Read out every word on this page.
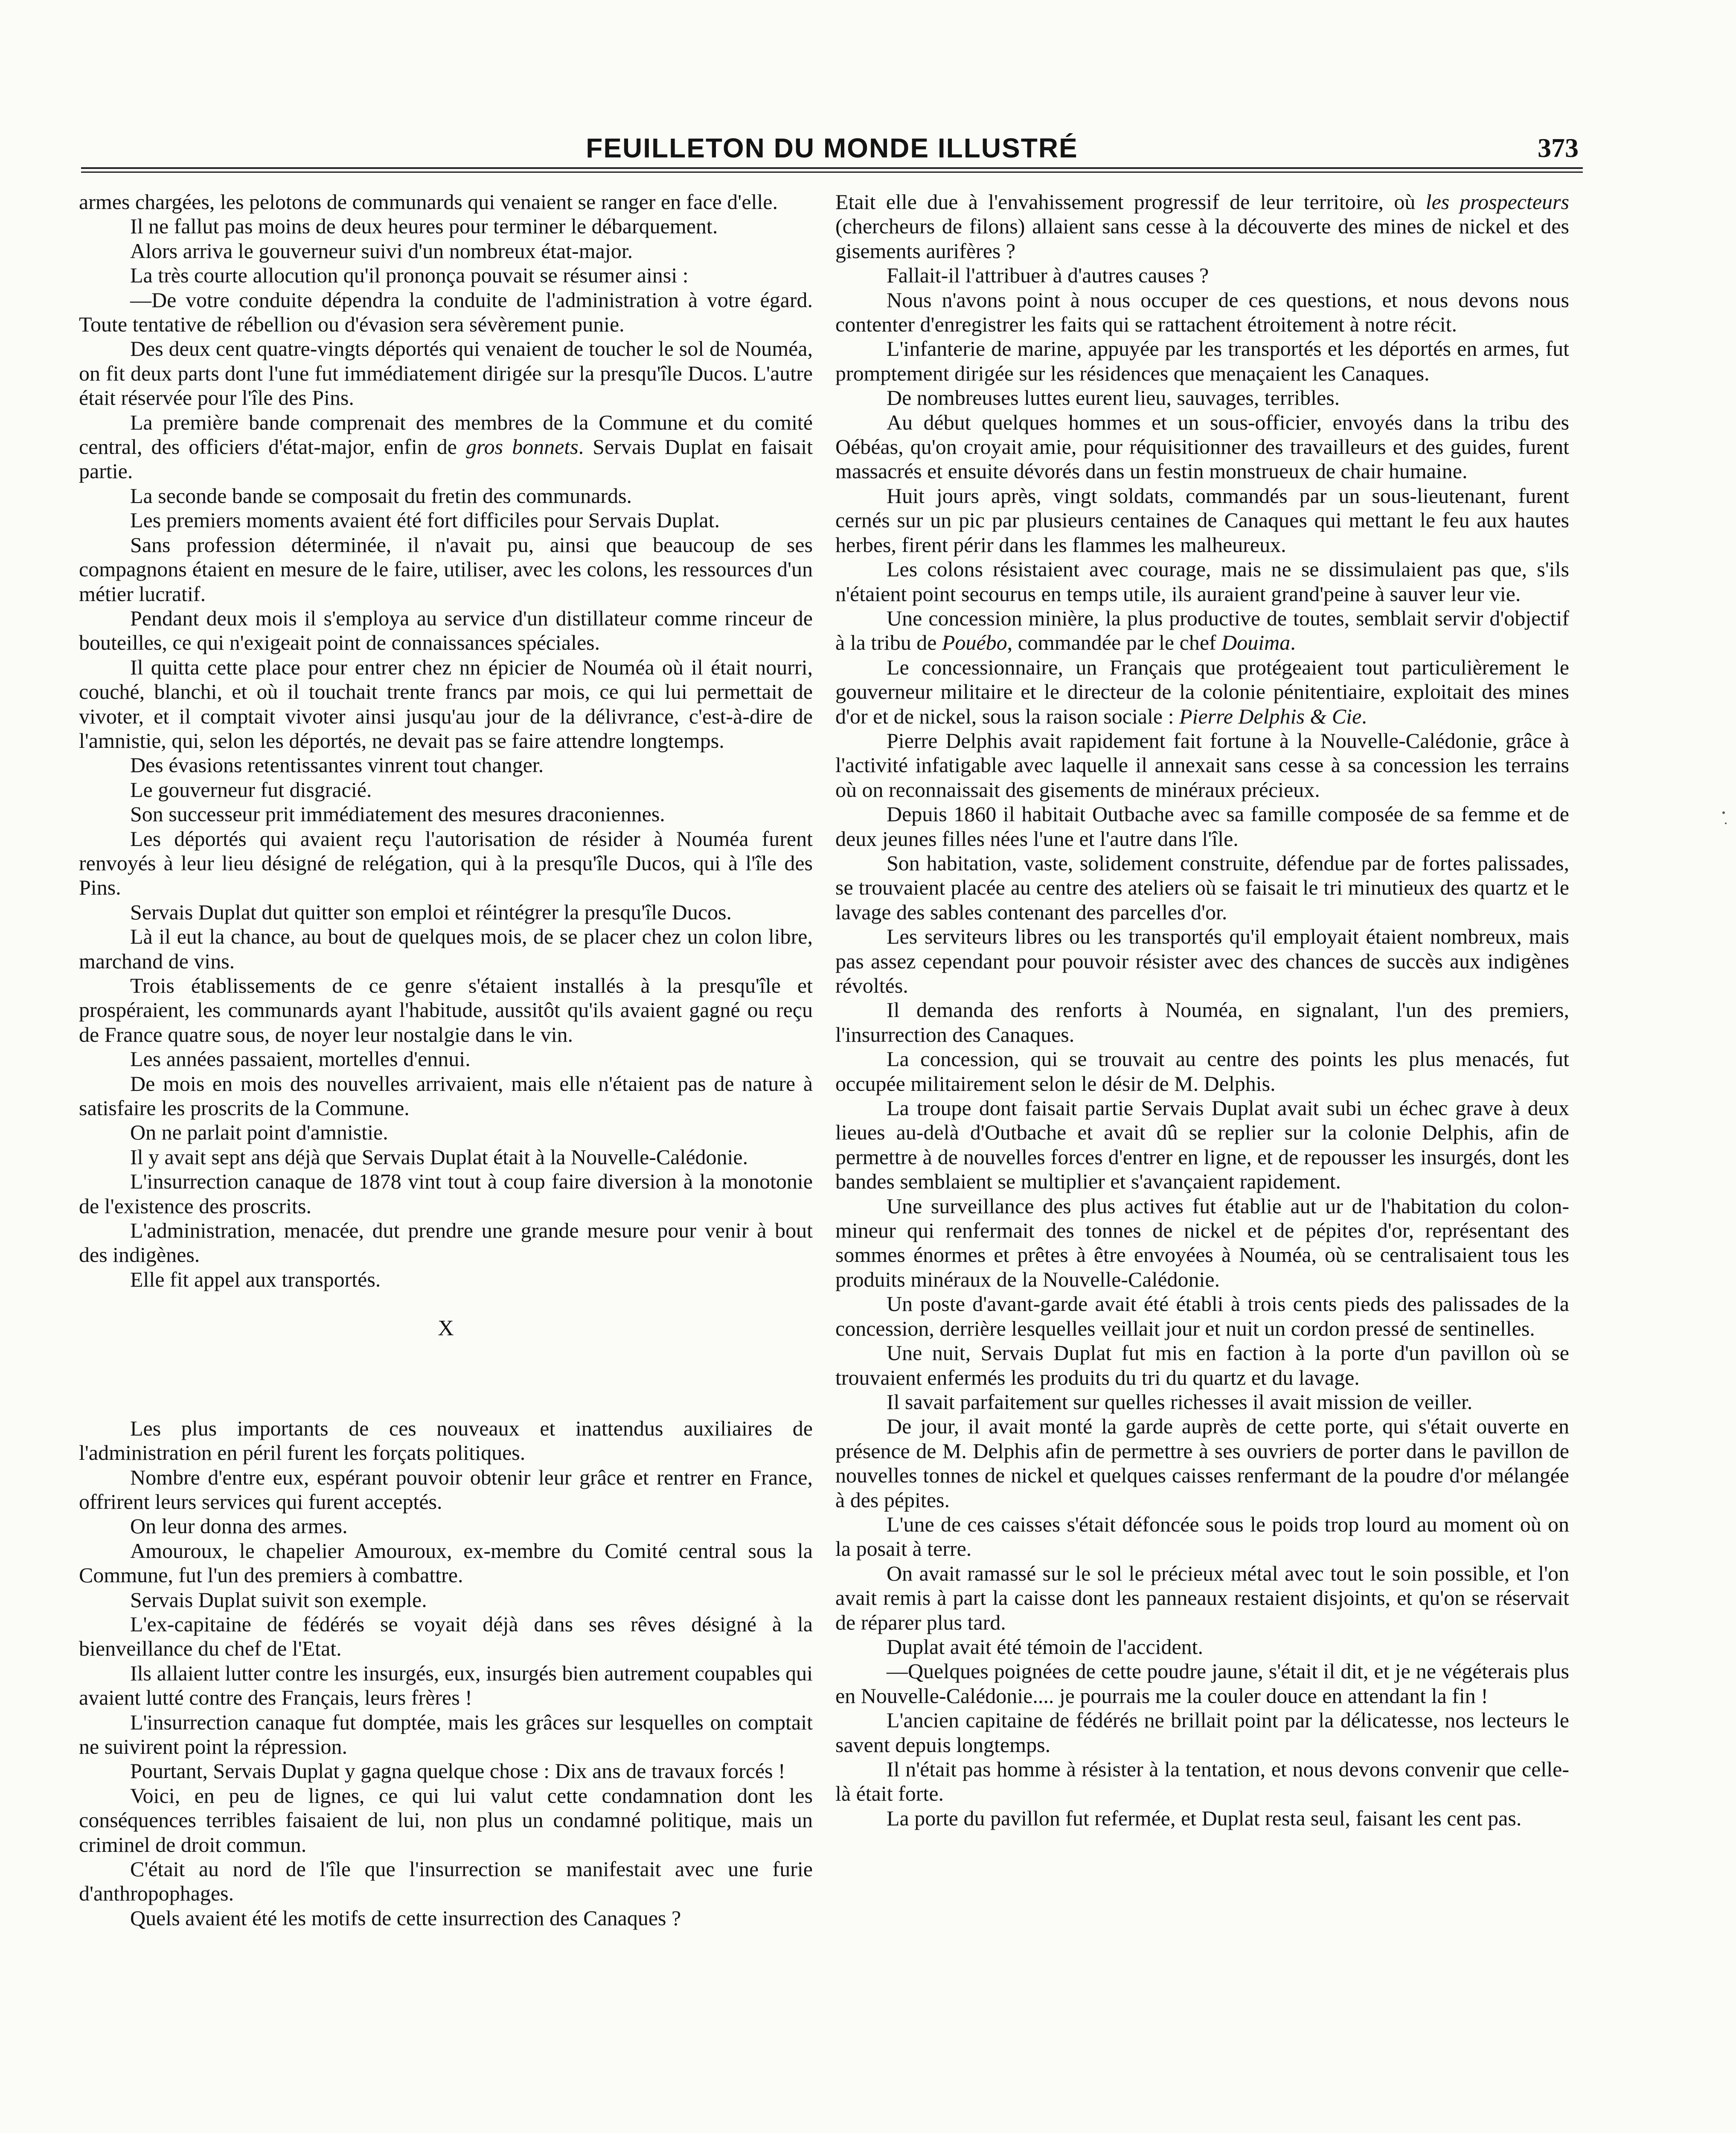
FEUILLETON DU MONDE ILLUSTRÉ	373

armes chargées, les pelotons de communards qui venaient se ranger en face d'elle.

Il ne fallut pas moins de deux heures pour terminer le débarquement.

Alors arriva le gouverneur suivi d'un nombreux état-major.

La très courte allocution qu'il prononça pouvait se résumer ainsi :

—De votre conduite dépendra la conduite de l'administration à votre égard. Toute tentative de rébellion ou d'évasion sera sévèrement punie.

Des deux cent quatre-vingts déportés qui venaient de toucher le sol de Nouméa, on fit deux parts dont l'une fut immédiatement dirigée sur la presqu'île Ducos. L'autre était réservée pour l'île des Pins.

La première bande comprenait des membres de la Commune et du comité central, des officiers d'état-major, enfin de gros bonnets. Servais Duplat en faisait partie.

La seconde bande se composait du fretin des communards.

Les premiers moments avaient été fort difficiles pour Servais Duplat.

Sans profession déterminée, il n'avait pu, ainsi que beaucoup de ses compagnons étaient en mesure de le faire, utiliser, avec les colons, les ressources d'un métier lucratif.

Pendant deux mois il s'employa au service d'un distillateur comme rinceur de bouteilles, ce qui n'exigeait point de connaissances spéciales.

Il quitta cette place pour entrer chez nn épicier de Nouméa où il était nourri, couché, blanchi, et où il touchait trente francs par mois, ce qui lui permettait de vivoter, et il comptait vivoter ainsi jusqu'au jour de la délivrance, c'est-à-dire de l'amnistie, qui, selon les déportés, ne devait pas se faire attendre longtemps.

Des évasions retentissantes vinrent tout changer.

Le gouverneur fut disgracié.

Son successeur prit immédiatement des mesures draconiennes.

Les déportés qui avaient reçu l'autorisation de résider à Nouméa furent renvoyés à leur lieu désigné de relégation, qui à la presqu'île Ducos, qui à l'île des Pins.

Servais Duplat dut quitter son emploi et réintégrer la presqu'île Ducos.

Là il eut la chance, au bout de quelques mois, de se placer chez un colon libre, marchand de vins.

Trois établissements de ce genre s'étaient installés à la presqu'île et prospéraient, les communards ayant l'habitude, aussitôt qu'ils avaient gagné ou reçu de France quatre sous, de noyer leur nostalgie dans le vin.

Les années passaient, mortelles d'ennui.

De mois en mois des nouvelles arrivaient, mais elle n'étaient pas de nature à satisfaire les proscrits de la Commune.

On ne parlait point d'amnistie.

Il y avait sept ans déjà que Servais Duplat était à la Nouvelle-Calédonie.

L'insurrection canaque de 1878 vint tout à coup faire diversion à la monotonie de l'existence des proscrits.

L'administration, menacée, dut prendre une grande mesure pour venir à bout des indigènes.

Elle fit appel aux transportés.

X

Les plus importants de ces nouveaux et inattendus auxiliaires de l'administration en péril furent les forçats politiques.

Nombre d'entre eux, espérant pouvoir obtenir leur grâce et rentrer en France, offrirent leurs services qui furent acceptés.

On leur donna des armes.

Amouroux, le chapelier Amouroux, ex-membre du Comité central sous la Commune, fut l'un des premiers à combattre.

Servais Duplat suivit son exemple.

L'ex-capitaine de fédérés se voyait déjà dans ses rêves désigné à la bienveillance du chef de l'Etat.

Ils allaient lutter contre les insurgés, eux, insurgés bien autrement coupables qui avaient lutté contre des Français, leurs frères !

L'insurrection canaque fut domptée, mais les grâces sur lesquelles on comptait ne suivirent point la répression.

Pourtant, Servais Duplat y gagna quelque chose : Dix ans de travaux forcés !

Voici, en peu de lignes, ce qui lui valut cette condamnation dont les conséquences terribles faisaient de lui, non plus un condamné politique, mais un criminel de droit commun.

C'était au nord de l'île que l'insurrection se manifestait avec une furie d'anthropophages.

Quels avaient été les motifs de cette insurrection des Canaques ?

Etait elle due à l'envahissement progressif de leur territoire, où les prospecteurs (chercheurs de filons) allaient sans cesse à la découverte des mines de nickel et des gisements aurifères ?

Fallait-il l'attribuer à d'autres causes ?

Nous n'avons point à nous occuper de ces questions, et nous devons nous contenter d'enregistrer les faits qui se rattachent étroitement à notre récit.

L'infanterie de marine, appuyée par les transportés et les déportés en armes, fut promptement dirigée sur les résidences que menaçaient les Canaques.

De nombreuses luttes eurent lieu, sauvages, terribles.

Au début quelques hommes et un sous-officier, envoyés dans la tribu des Oébéas, qu'on croyait amie, pour réquisitionner des travailleurs et des guides, furent massacrés et ensuite dévorés dans un festin monstrueux de chair humaine.

Huit jours après, vingt soldats, commandés par un sous-lieutenant, furent cernés sur un pic par plusieurs centaines de Canaques qui mettant le feu aux hautes herbes, firent périr dans les flammes les malheureux.

Les colons résistaient avec courage, mais ne se dissimulaient pas que, s'ils n'étaient point secourus en temps utile, ils auraient grand'peine à sauver leur vie.

Une concession minière, la plus productive de toutes, semblait servir d'objectif à la tribu de Pouébo, commandée par le chef Douima.

Le concessionnaire, un Français que protégeaient tout particulièrement le gouverneur militaire et le directeur de la colonie pénitentiaire, exploitait des mines d'or et de nickel, sous la raison sociale : Pierre Delphis & Cie.

Pierre Delphis avait rapidement fait fortune à la Nouvelle-Calédonie, grâce à l'activité infatigable avec laquelle il annexait sans cesse à sa concession les terrains où on reconnaissait des gisements de minéraux précieux.

Depuis 1860 il habitait Outbache avec sa famille composée de sa femme et de deux jeunes filles nées l'une et l'autre dans l'île.

Son habitation, vaste, solidement construite, défendue par de fortes palissades, se trouvaient placée au centre des ateliers où se faisait le tri minutieux des quartz et le lavage des sables contenant des parcelles d'or.

Les serviteurs libres ou les transportés qu'il employait étaient nombreux, mais pas assez cependant pour pouvoir résister avec des chances de succès aux indigènes révoltés.

Il demanda des renforts à Nouméa, en signalant, l'un des premiers, l'insurrection des Canaques.

La concession, qui se trouvait au centre des points les plus menacés, fut occupée militairement selon le désir de M. Delphis.

La troupe dont faisait partie Servais Duplat avait subi un échec grave à deux lieues au-delà d'Outbache et avait dû se replier sur la colonie Delphis, afin de permettre à de nouvelles forces d'entrer en ligne, et de repousser les insurgés, dont les bandes semblaient se multiplier et s'avançaient rapidement.

Une surveillance des plus actives fut établie aut ur de l'habitation du colon-mineur qui renfermait des tonnes de nickel et de pépites d'or, représentant des sommes énormes et prêtes à être envoyées à Nouméa, où se centralisaient tous les produits minéraux de la Nouvelle-Calédonie.

Un poste d'avant-garde avait été établi à trois cents pieds des palissades de la concession, derrière lesquelles veillait jour et nuit un cordon pressé de sentinelles.

Une nuit, Servais Duplat fut mis en faction à la porte d'un pavillon où se trouvaient enfermés les produits du tri du quartz et du lavage.

Il savait parfaitement sur quelles richesses il avait mission de veiller.

De jour, il avait monté la garde auprès de cette porte, qui s'était ouverte en présence de M. Delphis afin de permettre à ses ouvriers de porter dans le pavillon de nouvelles tonnes de nickel et quelques caisses renfermant de la poudre d'or mélangée à des pépites.

L'une de ces caisses s'était défoncée sous le poids trop lourd au moment où on la posait à terre.

On avait ramassé sur le sol le précieux métal avec tout le soin possible, et l'on avait remis à part la caisse dont les panneaux restaient disjoints, et qu'on se réservait de réparer plus tard.

Duplat avait été témoin de l'accident.

—Quelques poignées de cette poudre jaune, s'était il dit, et je ne végéterais plus en Nouvelle-Calédonie.... je pourrais me la couler douce en attendant la fin !

L'ancien capitaine de fédérés ne brillait point par la délicatesse, nos lecteurs le savent depuis longtemps.

Il n'était pas homme à résister à la tentation, et nous devons convenir que celle-là était forte.

La porte du pavillon fut refermée, et Duplat resta seul, faisant les cent pas.
